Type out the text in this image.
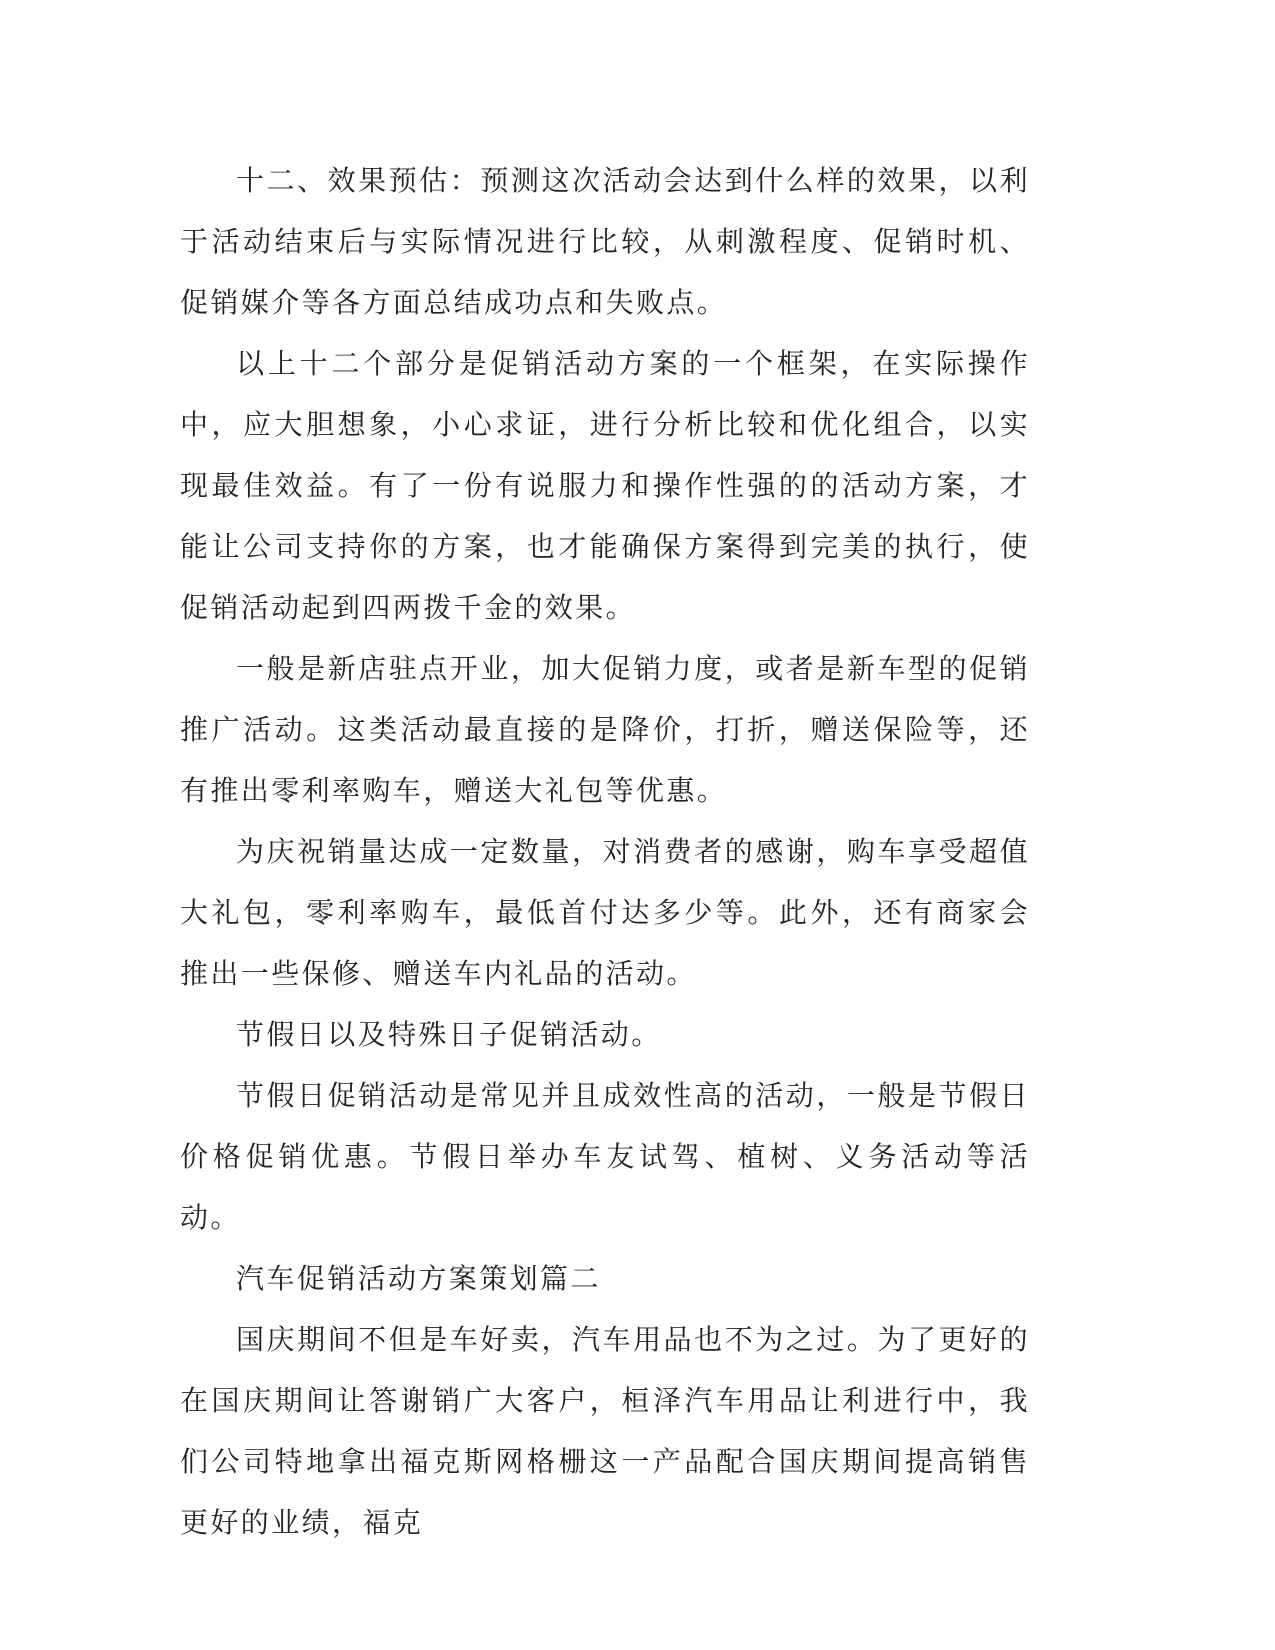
十二、效果预估：预测这次活动会达到什么样的效果，以利于活动结束后与实际情况进行比较，从刺激程度、促销时机、促销媒介等各方面总结成功点和失败点。

以上十二个部分是促销活动方案的一个框架，在实际操作中，应大胆想象，小心求证，进行分析比较和优化组合，以实现最佳效益。有了一份有说服力和操作性强的的活动方案，才能让公司支持你的方案，也才能确保方案得到完美的执行，使促销活动起到四两拨千金的效果。

一般是新店驻点开业，加大促销力度，或者是新车型的促销推广活动。这类活动最直接的是降价，打折，赠送保险等，还有推出零利率购车，赠送大礼包等优惠。

为庆祝销量达成一定数量，对消费者的感谢，购车享受超值大礼包，零利率购车，最低首付达多少等。此外，还有商家会推出一些保修、赠送车内礼品的活动。

节假日以及特殊日子促销活动。

节假日促销活动是常见并且成效性高的活动，一般是节假日价格促销优惠。节假日举办车友试驾、植树、义务活动等活动。

汽车促销活动方案策划篇二

国庆期间不但是车好卖，汽车用品也不为之过。为了更好的在国庆期间让答谢销广大客户，桓泽汽车用品让利进行中，我们公司特地拿出福克斯网格栅这一产品配合国庆期间提高销售更好的业绩，福克
